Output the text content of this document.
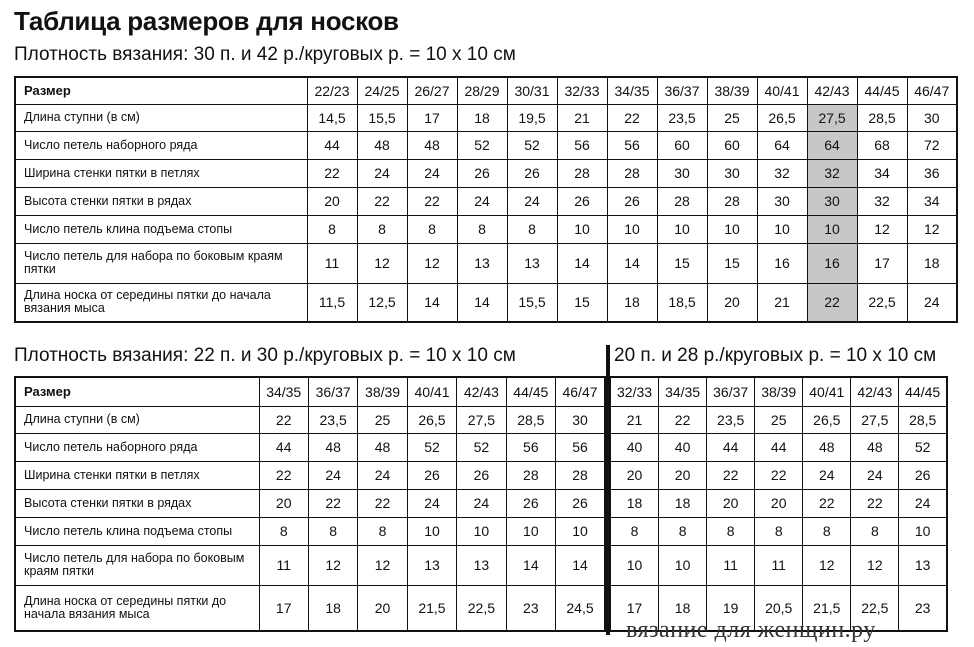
Таблица размеров для носков
Плотность вязания: 30 п. и 42 р./круговых р. = 10 х 10 см
Размер	22/23	24/25	26/27	28/29	30/31	32/33	34/35	36/37	38/39	40/41	42/43	44/45	46/47
Длина ступни (в см)	14,5	15,5	17	18	19,5	21	22	23,5	25	26,5	27,5	28,5	30
Число петель наборного ряда	44	48	48	52	52	56	56	60	60	64	64	68	72
Ширина стенки пятки в петлях	22	24	24	26	26	28	28	30	30	32	32	34	36
Высота стенки пятки в рядах	20	22	22	24	24	26	26	28	28	30	30	32	34
Число петель клина подъема стопы	8	8	8	8	8	10	10	10	10	10	10	12	12
Число петель для набора по боковым краям пятки	11	12	12	13	13	14	14	15	15	16	16	17	18
Длина носка от середины пятки до начала вязания мыса	11,5	12,5	14	14	15,5	15	18	18,5	20	21	22	22,5	24
Плотность вязания: 22 п. и 30 р./круговых р. = 10 х 10 см	20 п. и 28 р./круговых р. = 10 х 10 см
Размер	34/35	36/37	38/39	40/41	42/43	44/45	46/47
Длина ступни (в см)	22	23,5	25	26,5	27,5	28,5	30
Число петель наборного ряда	44	48	48	52	52	56	56
Ширина стенки пятки в петлях	22	24	24	26	26	28	28
Высота стенки пятки в рядах	20	22	22	24	24	26	26
Число петель клина подъема стопы	8	8	8	10	10	10	10
Число петель для набора по боковым краям пятки	11	12	12	13	13	14	14
Длина носка от середины пятки до начала вязания мыса	17	18	20	21,5	22,5	23	24,5
32/33	34/35	36/37	38/39	40/41	42/43	44/45
21	22	23,5	25	26,5	27,5	28,5
40	40	44	44	48	48	52
20	20	22	22	24	24	26
18	18	20	20	22	22	24
8	8	8	8	8	8	10
10	10	11	11	12	12	13
17	18	19	20,5	21,5	22,5	23
вязание для женщин.ру
